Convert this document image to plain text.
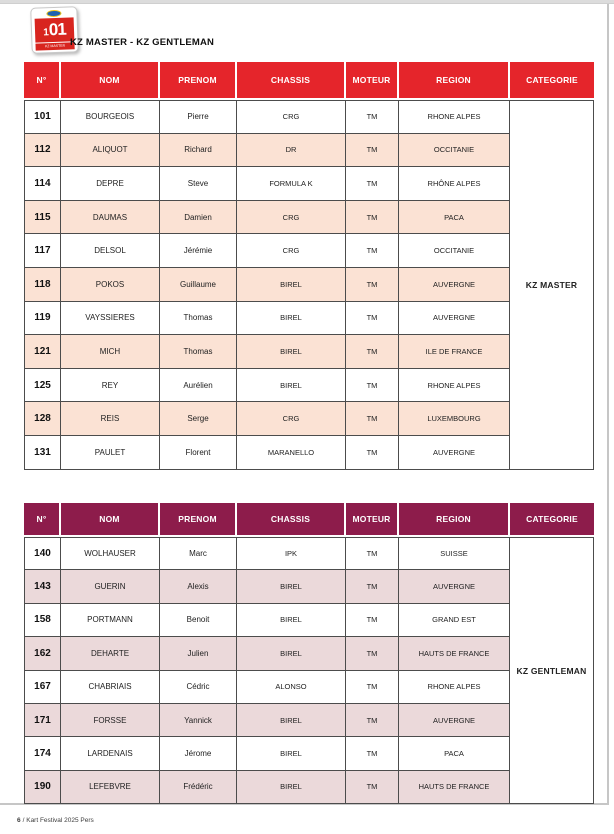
1 01
KZ MASTER KZ MASTER - KZ GENTLEMAN
N°	NOM	PRENOM	CHASSIS	MOTEUR	REGION	CATEGORIE
101	BOURGEOIS	Pierre	CRG	TM	RHONE ALPES	KZ MASTER
112	ALIQUOT	Richard	DR	TM	OCCITANIE	
114	DEPRE	Steve	FORMULA K	TM	RHÔNE ALPES	
115	DAUMAS	Damien	CRG	TM	PACA	
117	DELSOL	Jérémie	CRG	TM	OCCITANIE	
118	POKOS	Guillaume	BIREL	TM	AUVERGNE	
119	VAYSSIERES	Thomas	BIREL	TM	AUVERGNE	
121	MICH	Thomas	BIREL	TM	ILE DE FRANCE	
125	REY	Aurélien	BIREL	TM	RHONE ALPES	
128	REIS	Serge	CRG	TM	LUXEMBOURG	
131	PAULET	Florent	MARANELLO	TM	AUVERGNE	
N°	NOM	PRENOM	CHASSIS	MOTEUR	REGION	CATEGORIE
140	WOLHAUSER	Marc	IPK	TM	SUISSE	KZ GENTLEMAN
143	GUERIN	Alexis	BIREL	TM	AUVERGNE	
158	PORTMANN	Benoit	BIREL	TM	GRAND EST	
162	DEHARTE	Julien	BIREL	TM	HAUTS DE FRANCE	
167	CHABRIAIS	Cédric	ALONSO	TM	RHONE ALPES	
171	FORSSE	Yannick	BIREL	TM	AUVERGNE	
174	LARDENAIS	Jérome	BIREL	TM	PACA	
190	LEFEBVRE	Frédéric	BIREL	TM	HAUTS DE FRANCE	
6 / Kart Festival 2025 Pers
